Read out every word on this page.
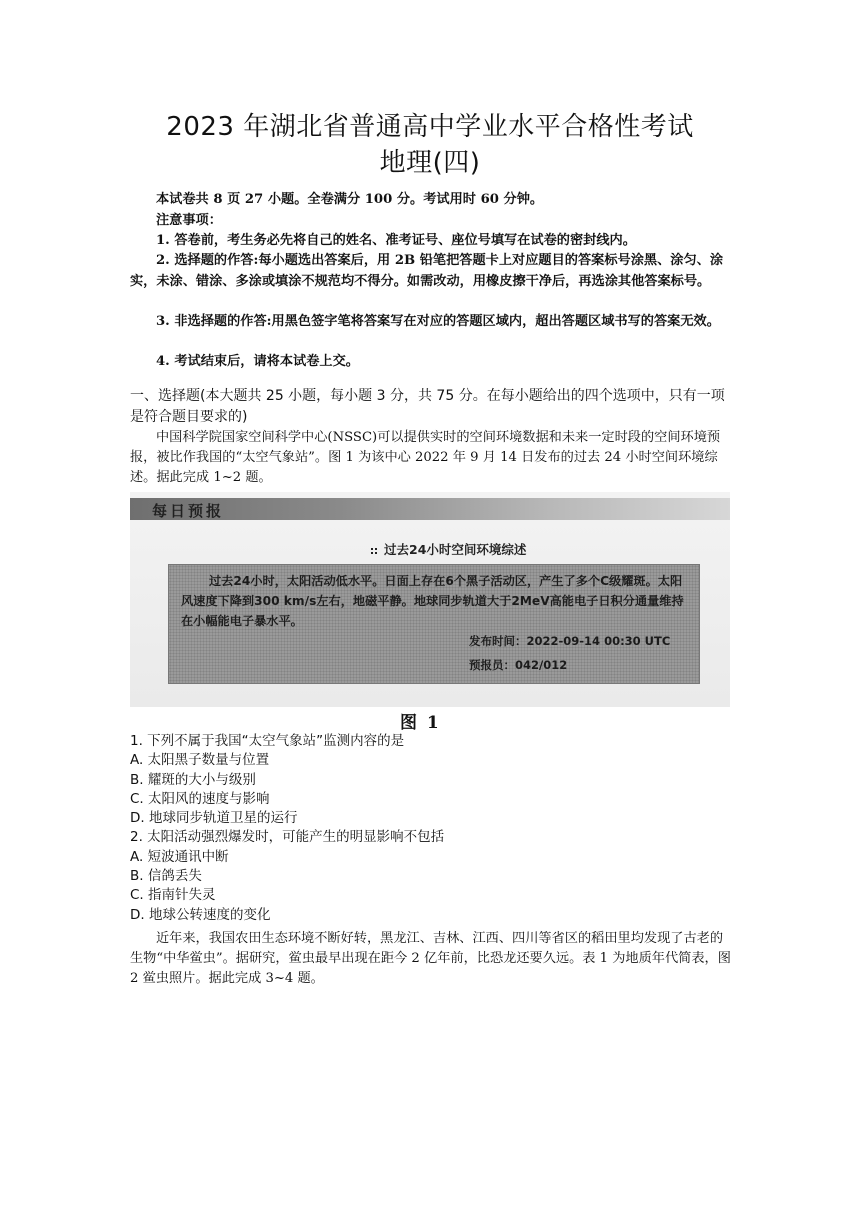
2023 年湖北省普通高中学业水平合格性考试
地理(四)
本试卷共 8 页 27 小题。全卷满分 100 分。考试用时 60 分钟。
注意事项：
1. 答卷前，考生务必先将自己的姓名、准考证号、座位号填写在试卷的密封线内。
2. 选择题的作答:每小题选出答案后，用 2B 铅笔把答题卡上对应题目的答案标号涂黑、涂匀、涂实，未涂、错涂、多涂或填涂不规范均不得分。如需改动，用橡皮擦干净后，再选涂其他答案标号。
3. 非选择题的作答:用黑色签字笔将答案写在对应的答题区域内，超出答题区域书写的答案无效。
4. 考试结束后，请将本试卷上交。
一、选择题(本大题共 25 小题，每小题 3 分，共 75 分。在每小题给出的四个选项中，只有一项是符合题目要求的)
中国科学院国家空间科学中心(NSSC)可以提供实时的空间环境数据和未来一定时段的空间环境预报，被比作我国的“太空气象站”。图 1 为该中心 2022 年 9 月 14 日发布的过去 24 小时空间环境综述。据此完成 1~2 题。
每日预报
过去24小时空间环境综述
过去24小时，太阳活动低水平。日面上存在6个黑子活动区，产生了多个C级耀斑。太阳风速度下降到300 km/s左右，地磁平静。地球同步轨道大于2MeV高能电子日积分通量维持在小幅能电子暴水平。
发布时间：2022-09-14 00:30 UTC
预报员：042/012
图 1
1. 下列不属于我国“太空气象站”监测内容的是
A. 太阳黑子数量与位置
B. 耀斑的大小与级别
C. 太阳风的速度与影响
D. 地球同步轨道卫星的运行
2. 太阳活动强烈爆发时，可能产生的明显影响不包括
A. 短波通讯中断
B. 信鸽丢失
C. 指南针失灵
D. 地球公转速度的变化
近年来，我国农田生态环境不断好转，黑龙江、吉林、江西、四川等省区的稻田里均发现了古老的生物“中华鲎虫”。据研究，鲎虫最早出现在距今 2 亿年前，比恐龙还要久远。表 1 为地质年代简表，图 2 鲎虫照片。据此完成 3~4 题。
